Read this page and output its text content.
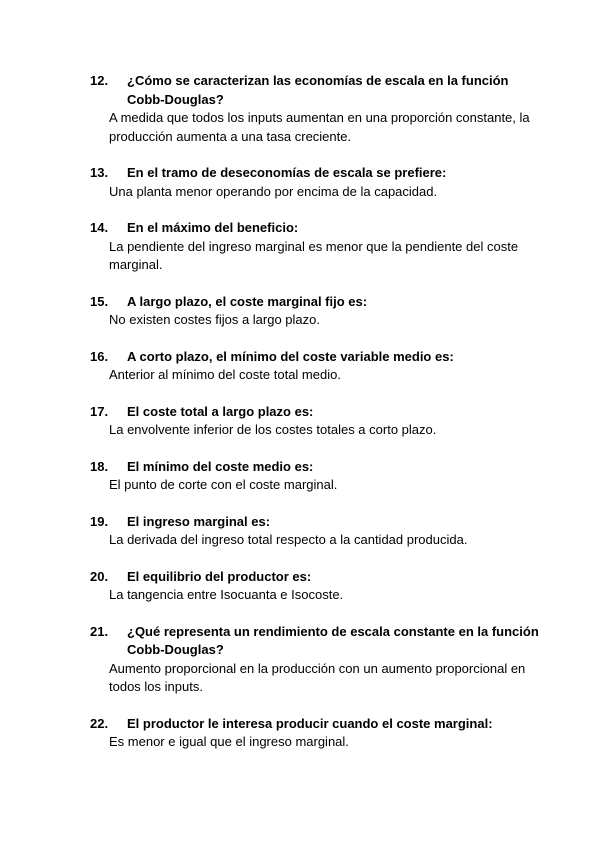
12. ¿Cómo se caracterizan las economías de escala en la función Cobb-Douglas?
A medida que todos los inputs aumentan en una proporción constante, la producción aumenta a una tasa creciente.
13. En el tramo de deseconomías de escala se prefiere:
Una planta menor operando por encima de la capacidad.
14. En el máximo del beneficio:
La pendiente del ingreso marginal es menor que la pendiente del coste marginal.
15. A largo plazo, el coste marginal fijo es:
No existen costes fijos a largo plazo.
16. A corto plazo, el mínimo del coste variable medio es:
Anterior al mínimo del coste total medio.
17. El coste total a largo plazo es:
La envolvente inferior de los costes totales a corto plazo.
18. El mínimo del coste medio es:
El punto de corte con el coste marginal.
19. El ingreso marginal es:
La derivada del ingreso total respecto a la cantidad producida.
20. El equilibrio del productor es:
La tangencia entre Isocuanta e Isocoste.
21. ¿Qué representa un rendimiento de escala constante en la función Cobb-Douglas?
Aumento proporcional en la producción con un aumento proporcional en todos los inputs.
22. El productor le interesa producir cuando el coste marginal:
Es menor e igual que el ingreso marginal.
